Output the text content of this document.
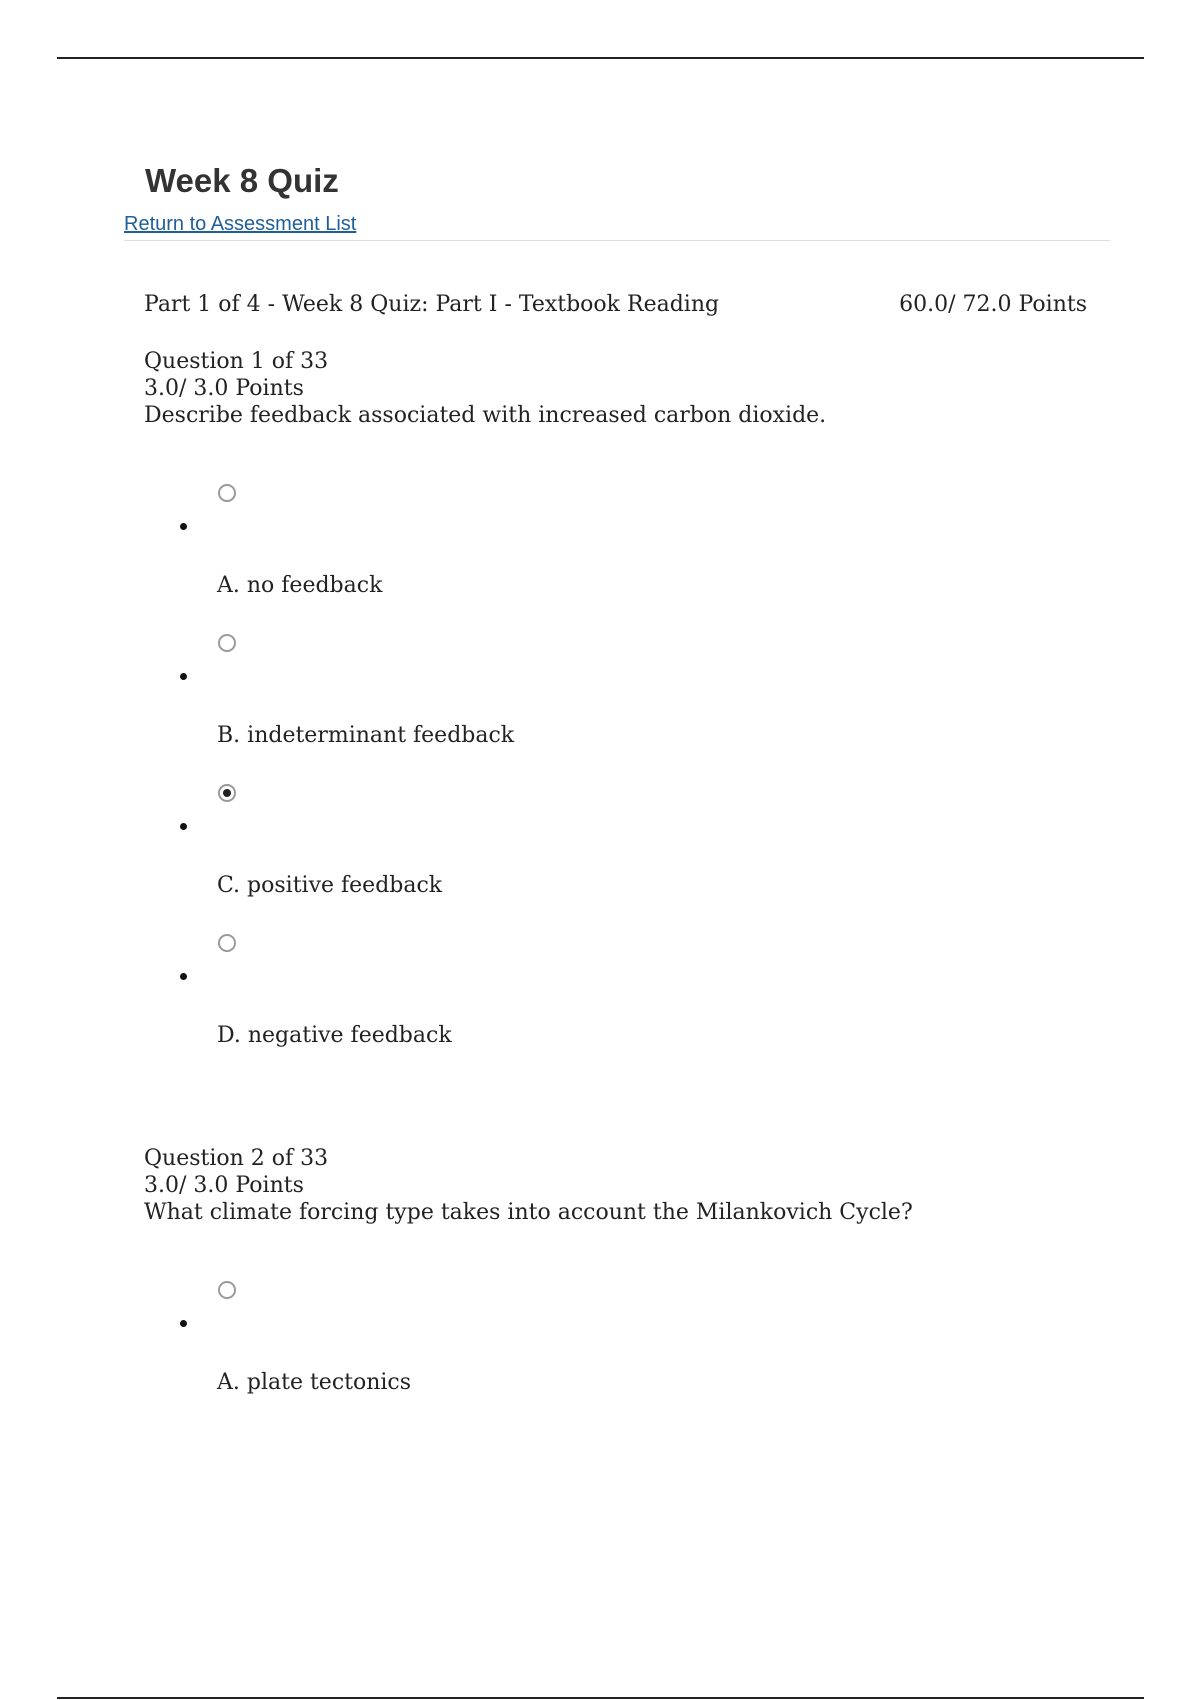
Week 8 Quiz
Return to Assessment List
Part 1 of 4 - Week 8 Quiz: Part I - Textbook Reading	60.0/ 72.0 Points
Question 1 of 33
3.0/ 3.0 Points
Describe feedback associated with increased carbon dioxide.
A. no feedback
B. indeterminant feedback
C. positive feedback
D. negative feedback
Question 2 of 33
3.0/ 3.0 Points
What climate forcing type takes into account the Milankovich Cycle?
A. plate tectonics
